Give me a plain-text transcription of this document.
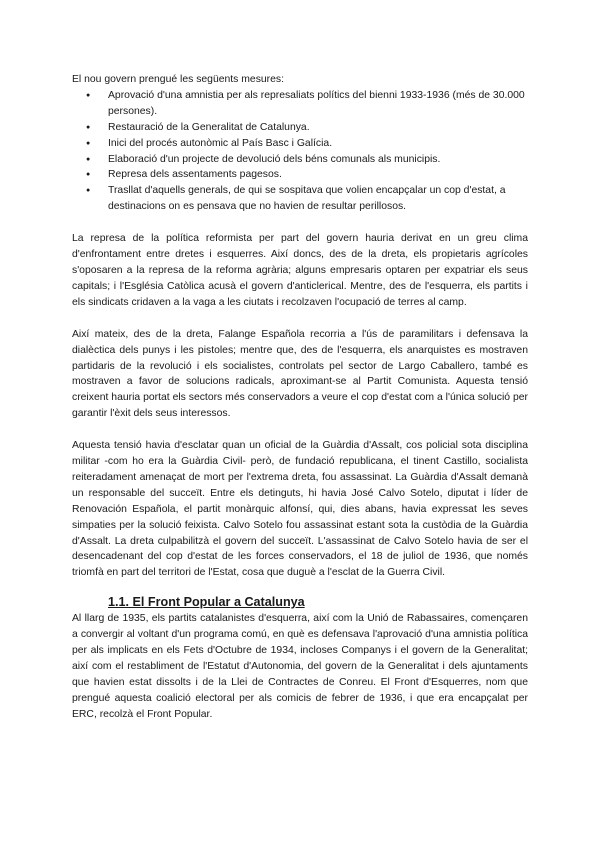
El nou govern prengué les següents mesures:

● Aprovació d'una amnistia per als represaliats polítics del bienni 1933-1936 (més de 30.000 persones).
● Restauració de la Generalitat de Catalunya.
● Inici del procés autonòmic al País Basc i Galícia.
● Elaboració d'un projecte de devolució dels béns comunals als municipis.
● Represa dels assentaments pagesos.
● Trasllat d'aquells generals, de qui se sospitava que volien encapçalar un cop d'estat, a destinacions on es pensava que no havien de resultar perillosos.

La represa de la política reformista per part del govern hauria derivat en un greu clima d'enfrontament entre dretes i esquerres. Així doncs, des de la dreta, els propietaris agrícoles s'oposaren a la represa de la reforma agrària; alguns empresaris optaren per expatriar els seus capitals; i l'Església Catòlica acusà el govern d'anticlerical. Mentre, des de l'esquerra, els partits i els sindicats cridaven a la vaga a les ciutats i recolzaven l'ocupació de terres al camp.

Així mateix, des de la dreta, Falange Española recorria a l'ús de paramilitars i defensava la dialèctica dels punys i les pistoles; mentre que, des de l'esquerra, els anarquistes es mostraven partidaris de la revolució i els socialistes, controlats pel sector de Largo Caballero, també es mostraven a favor de solucions radicals, aproximant-se al Partit Comunista. Aquesta tensió creixent hauria portat els sectors més conservadors a veure el cop d'estat com a l'única solució per garantir l'èxit dels seus interessos.

Aquesta tensió havia d'esclatar quan un oficial de la Guàrdia d'Assalt, cos policial sota disciplina militar -com ho era la Guàrdia Civil- però, de fundació republicana, el tinent Castillo, socialista reiteradament amenaçat de mort per l'extrema dreta, fou assassinat. La Guàrdia d'Assalt demanà un responsable del succeït. Entre els detinguts, hi havia José Calvo Sotelo, diputat i líder de Renovación Española, el partit monàrquic alfonsí, qui, dies abans, havia expressat les seves simpaties per la solució feixista. Calvo Sotelo fou assassinat estant sota la custòdia de la Guàrdia d'Assalt. La dreta culpabilitzà el govern del succeït. L'assassinat de Calvo Sotelo havia de ser el desencadenant del cop d'estat de les forces conservadors, el 18 de juliol de 1936, que només triomfà en part del territori de l'Estat, cosa que duguè a l'esclat de la Guerra Civil.

1.1. El Front Popular a Catalunya

Al llarg de 1935, els partits catalanistes d'esquerra, així com la Unió de Rabassaires, començaren a convergir al voltant d'un programa comú, en què es defensava l'aprovació d'una amnistia política per als implicats en els Fets d'Octubre de 1934, incloses Companys i el govern de la Generalitat; així com el restabliment de l'Estatut d'Autonomia, del govern de la Generalitat i dels ajuntaments que havien estat dissolts i de la Llei de Contractes de Conreu. El Front d'Esquerres, nom que prengué aquesta coalició electoral per als comicis de febrer de 1936, i que era encapçalat per ERC, recolzà el Front Popular.
